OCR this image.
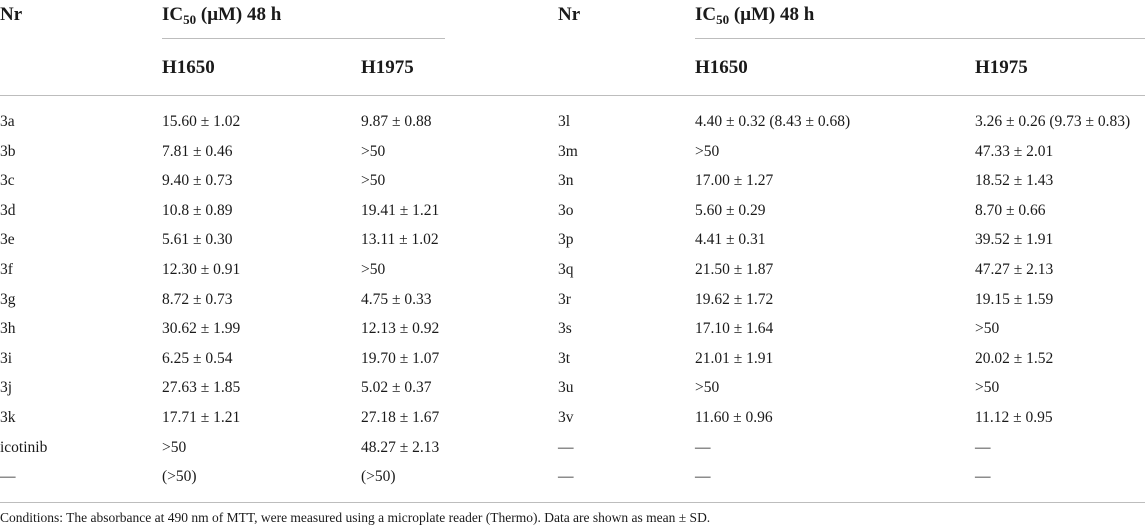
Nr	$IC_{50}$ (μM) 48 h	Nr	$IC_{50}$ (μM) 48 h
H1650	H1975	H1650	H1975
3a	15.60 ± 1.02	9.87 ± 0.88	3l	4.40 ± 0.32 (8.43 ± 0.68)	3.26 ± 0.26 (9.73 ± 0.83)
3b	7.81 ± 0.46	>50	3m	>50	47.33 ± 2.01
3c	9.40 ± 0.73	>50	3n	17.00 ± 1.27	18.52 ± 1.43
3d	10.8 ± 0.89	19.41 ± 1.21	3o	5.60 ± 0.29	8.70 ± 0.66
3e	5.61 ± 0.30	13.11 ± 1.02	3p	4.41 ± 0.31	39.52 ± 1.91
3f	12.30 ± 0.91	>50	3q	21.50 ± 1.87	47.27 ± 2.13
3g	8.72 ± 0.73	4.75 ± 0.33	3r	19.62 ± 1.72	19.15 ± 1.59
3h	30.62 ± 1.99	12.13 ± 0.92	3s	17.10 ± 1.64	>50
3i	6.25 ± 0.54	19.70 ± 1.07	3t	21.01 ± 1.91	20.02 ± 1.52
3j	27.63 ± 1.85	5.02 ± 0.37	3u	>50	>50
3k	17.71 ± 1.21	27.18 ± 1.67	3v	11.60 ± 0.96	11.12 ± 0.95
icotinib	>50	48.27 ± 2.13	—	—	—
—	(>50)	(>50)	—	—	—
Conditions: The absorbance at 490 nm of MTT, were measured using a microplate reader (Thermo). Data are shown as mean ± SD.
